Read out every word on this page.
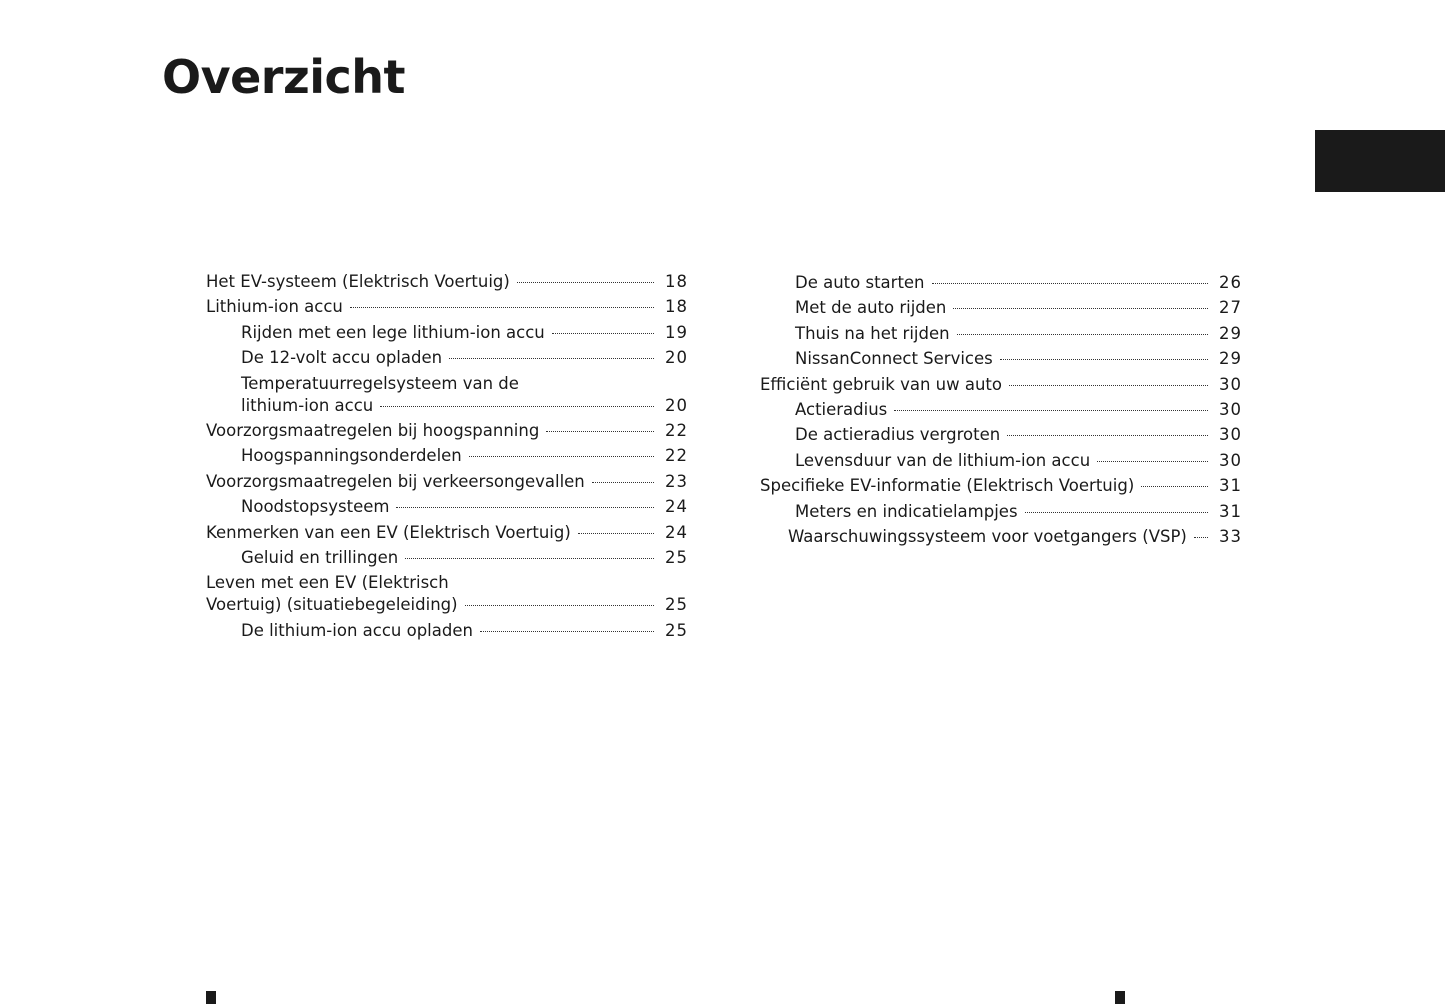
Overzicht
Het EV-systeem (Elektrisch Voertuig)	18
Lithium-ion accu	18
Rijden met een lege lithium-ion accu	19
De 12-volt accu opladen	20
Temperatuurregelsysteem van de
lithium-ion accu	20
Voorzorgsmaatregelen bij hoogspanning	22
Hoogspanningsonderdelen	22
Voorzorgsmaatregelen bij verkeersongevallen	23
Noodstopsysteem	24
Kenmerken van een EV (Elektrisch Voertuig)	24
Geluid en trillingen	25
Leven met een EV (Elektrisch
Voertuig) (situatiebegeleiding)	25
De lithium-ion accu opladen	25
De auto starten	26
Met de auto rijden	27
Thuis na het rijden	29
NissanConnect Services	29
Efficiënt gebruik van uw auto	30
Actieradius	30
De actieradius vergroten	30
Levensduur van de lithium-ion accu	30
Specifieke EV-informatie (Elektrisch Voertuig)	31
Meters en indicatielampjes	31
Waarschuwingssysteem voor voetgangers (VSP) 33
